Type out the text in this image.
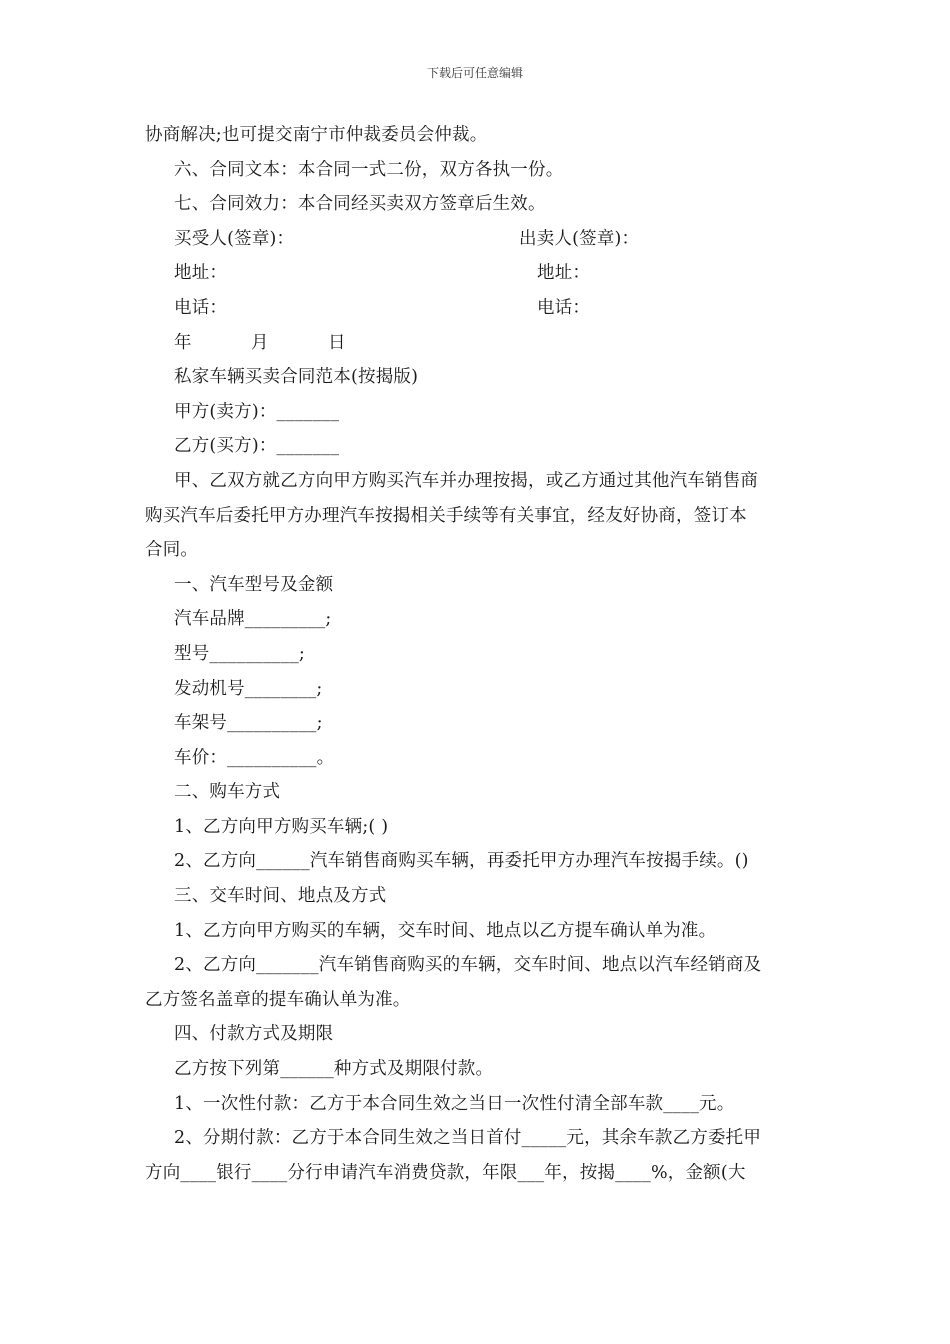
下载后可任意编辑
协商解决;也可提交南宁市仲裁委员会仲裁。
六、合同文本：本合同一式二份，双方各执一份。
七、合同效力：本合同经买卖双方签章后生效。
买受人(签章)：	出卖人(签章)：
地址：	地址：
电话：	电话：
年	月	日
私家车辆买卖合同范本(按揭版)
甲方(卖方)：_______
乙方(买方)：_______
甲、乙双方就乙方向甲方购买汽车并办理按揭，或乙方通过其他汽车销售商
购买汽车后委托甲方办理汽车按揭相关手续等有关事宜，经友好协商，签订本
合同。
一、汽车型号及金额
汽车品牌_________;
型号__________;
发动机号________;
车架号__________;
车价：__________。
二、购车方式
1、乙方向甲方购买车辆;( )
2、乙方向______汽车销售商购买车辆，再委托甲方办理汽车按揭手续。()
三、交车时间、地点及方式
1、乙方向甲方购买的车辆，交车时间、地点以乙方提车确认单为准。
2、乙方向_______汽车销售商购买的车辆，交车时间、地点以汽车经销商及
乙方签名盖章的提车确认单为准。
四、付款方式及期限
乙方按下列第______种方式及期限付款。
1、一次性付款：乙方于本合同生效之当日一次性付清全部车款____元。
2、分期付款：乙方于本合同生效之当日首付_____元，其余车款乙方委托甲
方向____银行____分行申请汽车消费贷款，年限___年，按揭____%，金额(大
